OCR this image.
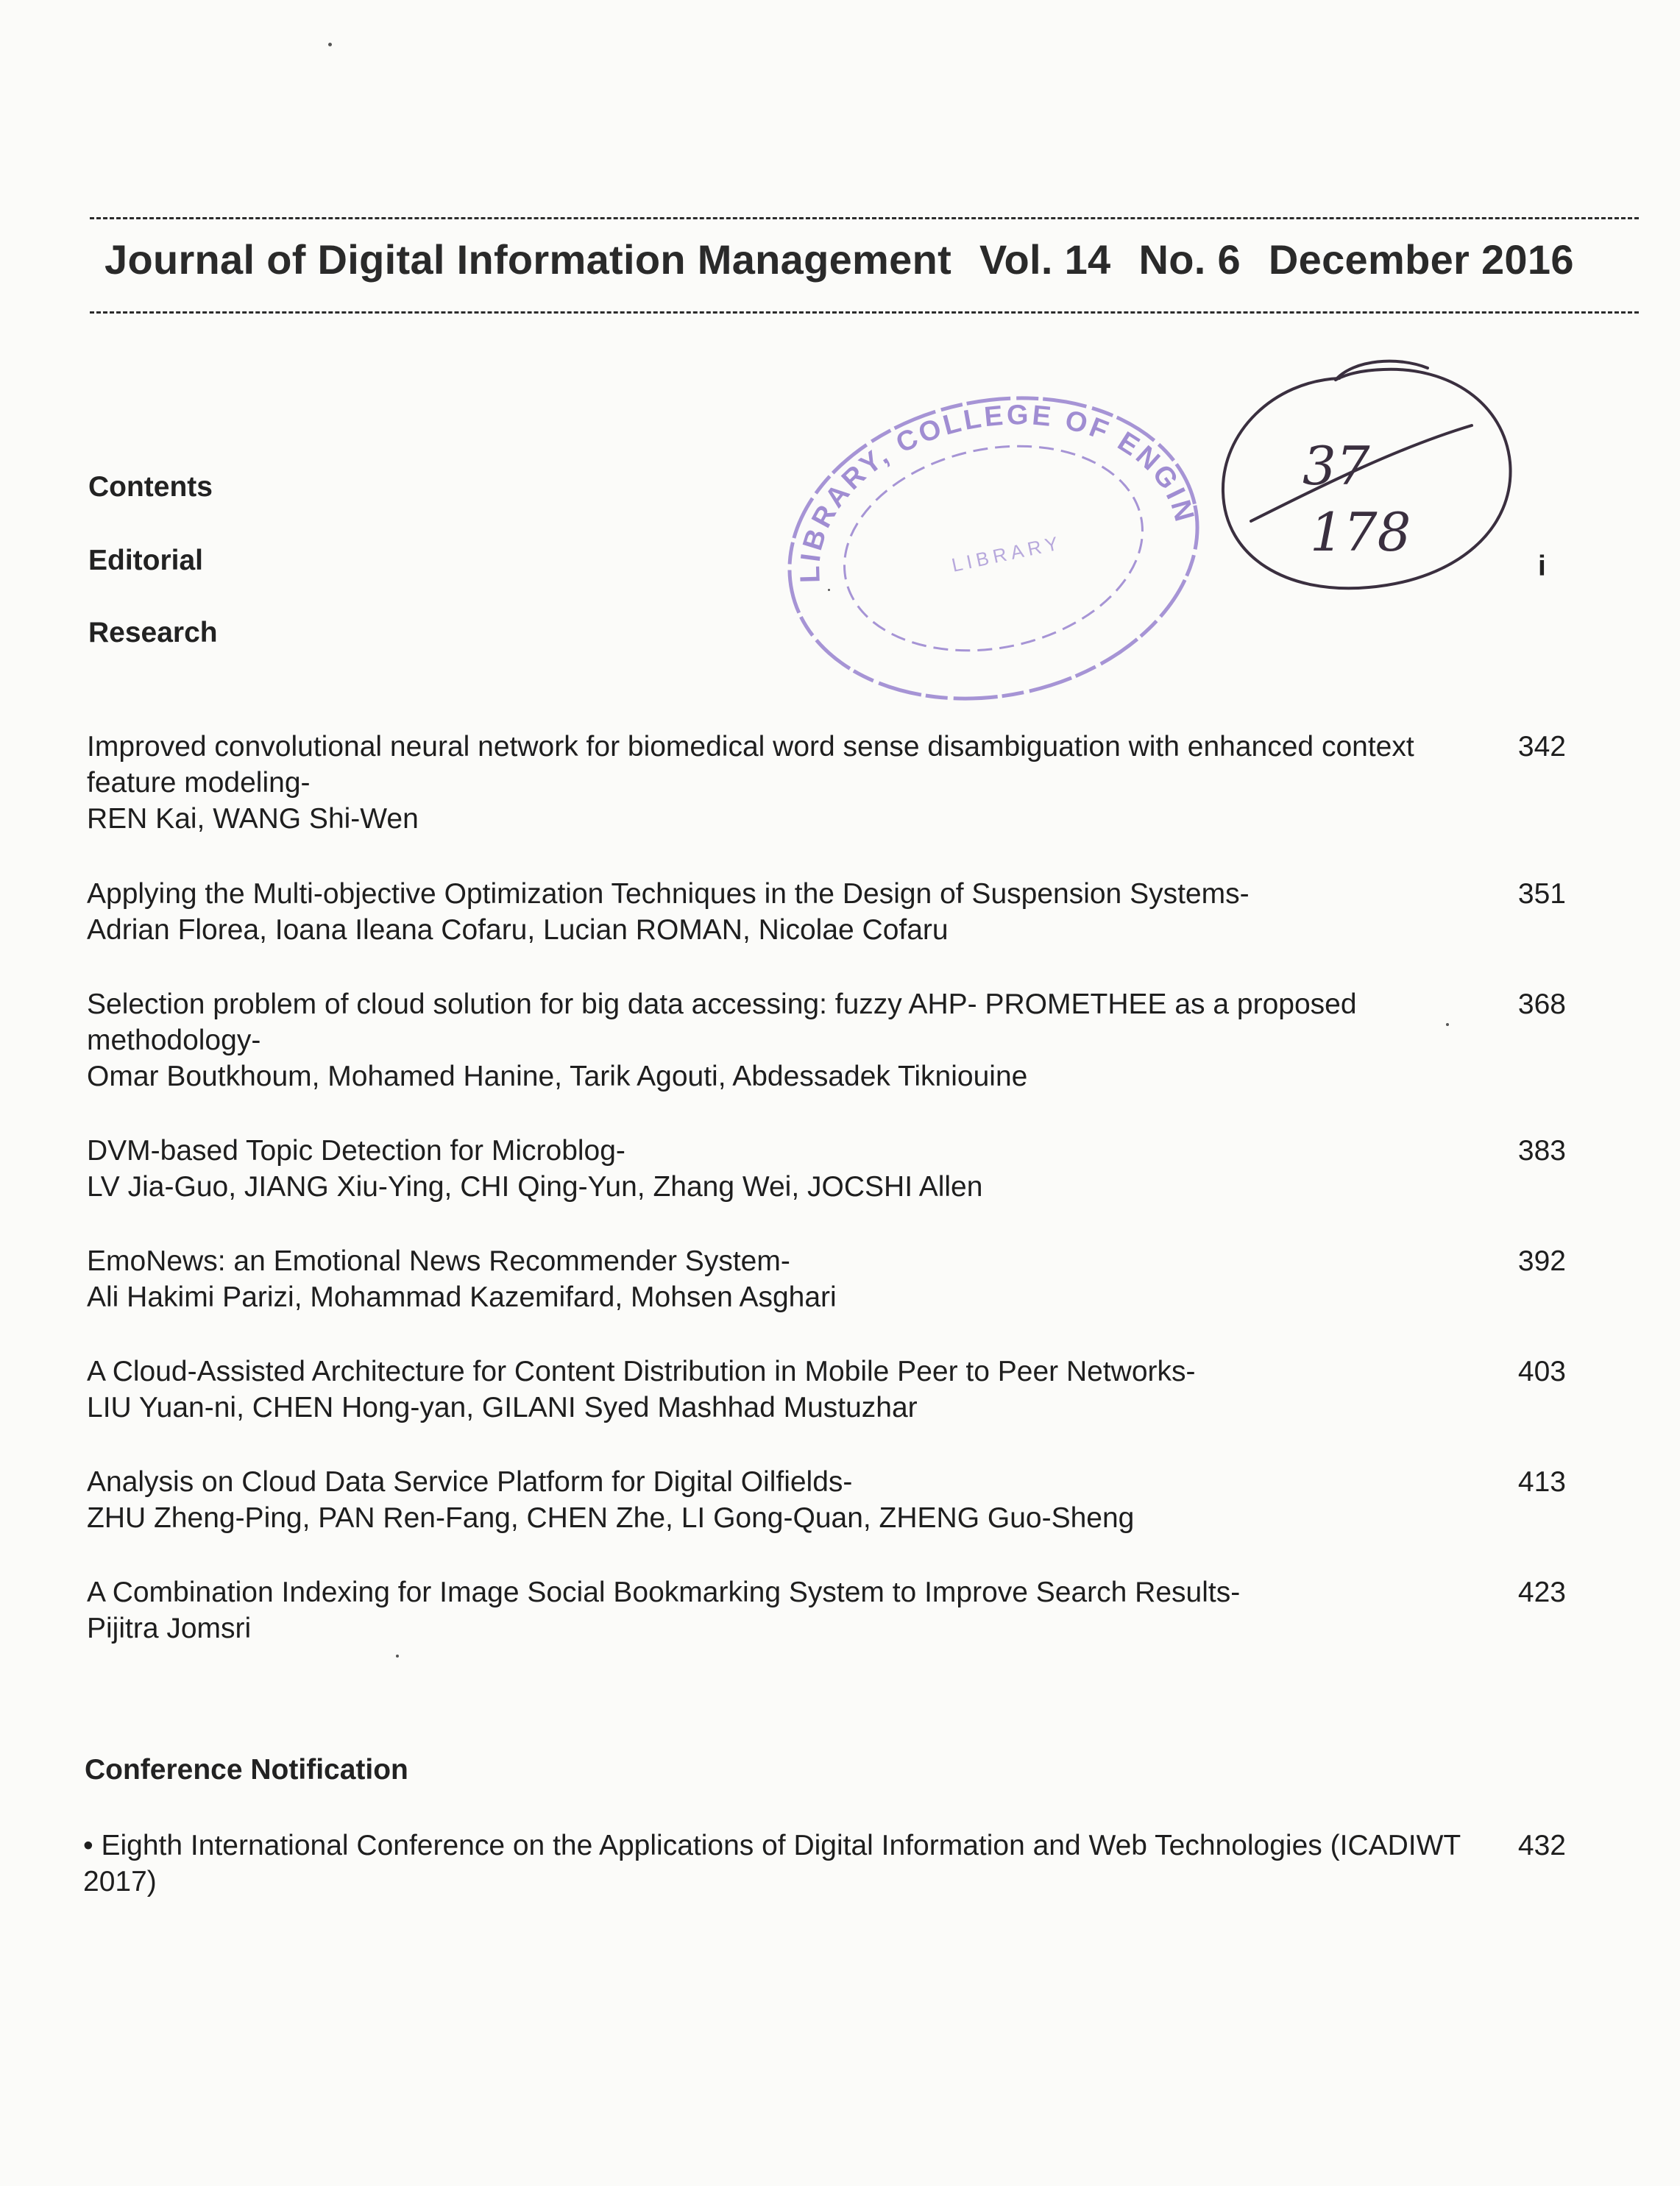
Journal of Digital Information Management Vol. 14 No. 6 December 2016
LIBRARY, COLLEGE OF ENGINEERING
LIBRARY
37
178
Contents
Editorial	i
Research
Improved convolutional neural network for biomedical word sense disambiguation with enhanced context feature modeling-
REN Kai, WANG Shi-Wen
342
Applying the Multi-objective Optimization Techniques in the Design of Suspension Systems-
Adrian Florea, Ioana Ileana Cofaru, Lucian ROMAN, Nicolae Cofaru
351
Selection problem of cloud solution for big data accessing: fuzzy AHP- PROMETHEE as a proposed methodology-
Omar Boutkhoum, Mohamed Hanine, Tarik Agouti, Abdessadek Tikniouine
368
DVM-based Topic Detection for Microblog-
LV Jia-Guo, JIANG Xiu-Ying, CHI Qing-Yun, Zhang Wei, JOCSHI Allen
383
EmoNews: an Emotional News Recommender System-
Ali Hakimi Parizi, Mohammad Kazemifard, Mohsen Asghari
392
A Cloud-Assisted Architecture for Content Distribution in Mobile Peer to Peer Networks-
LIU Yuan-ni, CHEN Hong-yan, GILANI Syed Mashhad Mustuzhar
403
Analysis on Cloud Data Service Platform for Digital Oilfields-
ZHU Zheng-Ping, PAN Ren-Fang, CHEN Zhe, LI Gong-Quan, ZHENG Guo-Sheng
413
A Combination Indexing for Image Social Bookmarking System to Improve Search Results-
Pijitra Jomsri
423
Conference Notification
• Eighth International Conference on the Applications of Digital Information and Web Technologies (ICADIWT 2017)
432
